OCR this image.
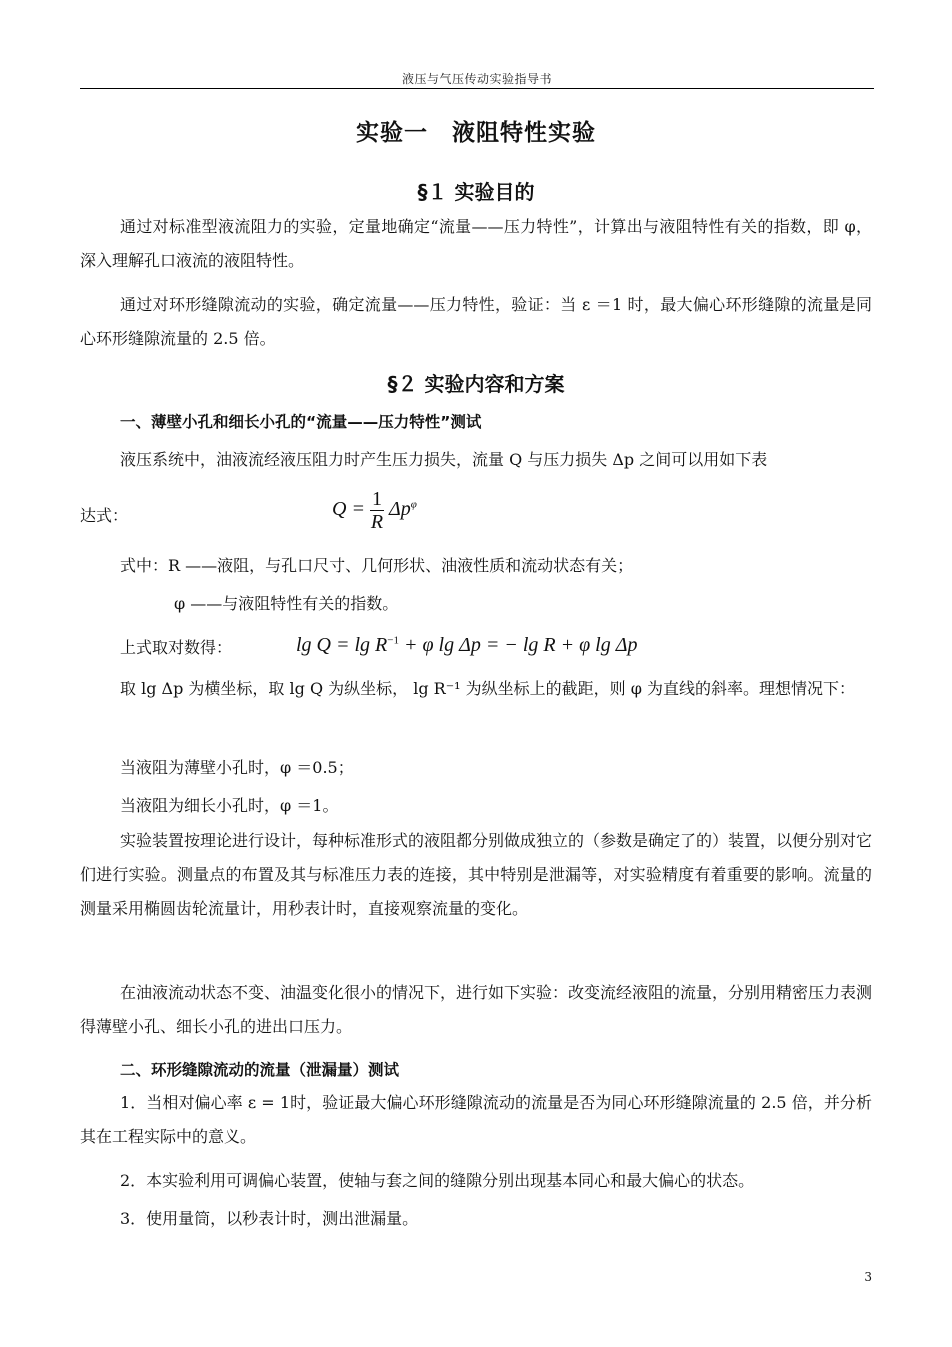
液压与气压传动实验指导书
实验一　液阻特性实验
§１ 实验目的
通过对标准型液流阻力的实验，定量地确定“流量——压力特性”，计算出与液阻特性有关的指数，即 φ，深入理解孔口液流的液阻特性。
通过对环形缝隙流动的实验，确定流量——压力特性，验证：当 ε ＝1 时，最大偏心环形缝隙的流量是同心环形缝隙流量的 2.5 倍。
§２ 实验内容和方案
一、薄壁小孔和细长小孔的“流量——压力特性”测试
液压系统中，油液流经液压阻力时产生压力损失，流量 Q 与压力损失 Δp 之间可以用如下表
达式：	$Q = \frac{1}{R} \Delta p^\varphi$
式中：R ——液阻，与孔口尺寸、几何形状、油液性质和流动状态有关；
φ ——与液阻特性有关的指数。
上式取对数得：	$\lg Q = \lg R^{-1} + \varphi$ lg Δp = − lg R + φ lg Δp
取 lg Δp 为横坐标，取 lg Q 为纵坐标， lg R⁻¹ 为纵坐标上的截距，则 φ 为直线的斜率。理想情况下：
当液阻为薄壁小孔时，φ ＝0.5；
当液阻为细长小孔时，φ ＝1。
实验装置按理论进行设计，每种标准形式的液阻都分别做成独立的（参数是确定了的）装置，以便分别对它们进行实验。测量点的布置及其与标准压力表的连接，其中特别是泄漏等，对实验精度有着重要的影响。流量的测量采用椭圆齿轮流量计，用秒表计时，直接观察流量的变化。
在油液流动状态不变、油温变化很小的情况下，进行如下实验：改变流经液阻的流量，分别用精密压力表测得薄壁小孔、细长小孔的进出口压力。
二、环形缝隙流动的流量（泄漏量）测试
1．当相对偏心率 ε = 1时，验证最大偏心环形缝隙流动的流量是否为同心环形缝隙流量的 2.5 倍，并分析其在工程实际中的意义。
2．本实验利用可调偏心装置，使轴与套之间的缝隙分别出现基本同心和最大偏心的状态。
3．使用量筒，以秒表计时，测出泄漏量。
3
